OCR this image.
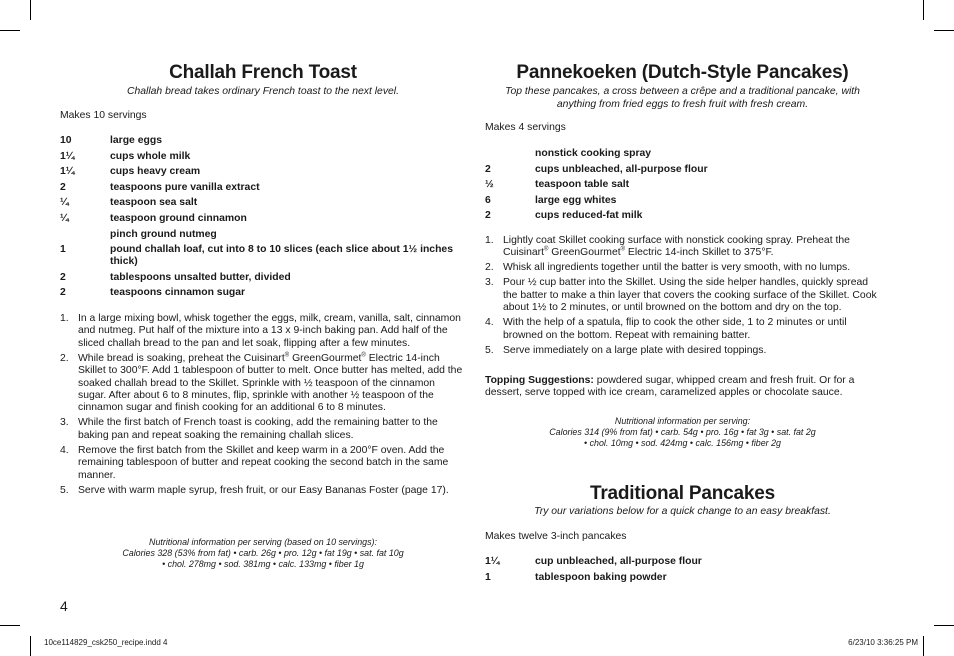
Challah French Toast

Challah bread takes ordinary French toast to the next level.

Makes 10 servings

10	large eggs
1¼	cups whole milk
1¼	cups heavy cream
2	teaspoons pure vanilla extract
¼	teaspoon sea salt
¼	teaspoon ground cinnamon
pinch ground nutmeg
1	pound challah loaf, cut into 8 to 10 slices (each slice about 1½ inches thick)
2	tablespoons unsalted butter, divided
2	teaspoons cinnamon sugar
1. In a large mixing bowl, whisk together the eggs, milk, cream, vanilla, salt, cinnamon and nutmeg. Put half of the mixture into a 13 x 9-inch baking pan. Add half of the sliced challah bread to the pan and let soak, flipping after a few minutes.
2. While bread is soaking, preheat the Cuisinart® GreenGourmet® Electric 14-inch Skillet to 300°F. Add 1 tablespoon of butter to melt. Once butter has melted, add the soaked challah bread to the Skillet. Sprinkle with ½ teaspoon of the cinnamon sugar. After about 6 to 8 minutes, flip, sprinkle with another ½ teaspoon of the cinnamon sugar and finish cooking for an additional 6 to 8 minutes.
3. While the first batch of French toast is cooking, add the remaining batter to the baking pan and repeat soaking the remaining challah slices.
4. Remove the first batch from the Skillet and keep warm in a 200°F oven. Add the remaining tablespoon of butter and repeat cooking the second batch in the same manner.
5. Serve with warm maple syrup, fresh fruit, or our Easy Bananas Foster (page 17).

Nutritional information per serving (based on 10 servings):

Calories 328 (53% from fat) • carb. 26g • pro. 12g • fat 19g • sat. fat 10g

• chol. 278mg • sod. 381mg • calc. 133mg • fiber 1g

Pannekoeken (Dutch-Style Pancakes)

Top these pancakes, a cross between a crêpe and a traditional pancake, with anything from fried eggs to fresh fruit with fresh cream.

Makes 4 servings

nonstick cooking spray
2	cups unbleached, all-purpose flour
½	teaspoon table salt
6	large egg whites
2	cups reduced-fat milk
1. Lightly coat Skillet cooking surface with nonstick cooking spray. Preheat the Cuisinart® GreenGourmet® Electric 14-inch Skillet to 375°F.
2. Whisk all ingredients together until the batter is very smooth, with no lumps.
3. Pour ½ cup batter into the Skillet. Using the side helper handles, quickly spread the batter to make a thin layer that covers the cooking surface of the Skillet. Cook about 1½ to 2 minutes, or until browned on the bottom and dry on the top.
4. With the help of a spatula, flip to cook the other side, 1 to 2 minutes or until browned on the bottom. Repeat with remaining batter.
5. Serve immediately on a large plate with desired toppings.

Topping Suggestions: powdered sugar, whipped cream and fresh fruit. Or for a dessert, serve topped with ice cream, caramelized apples or chocolate sauce.

Nutritional information per serving:

Calories 314 (9% from fat) • carb. 54g • pro. 16g • fat 3g • sat. fat 2g

• chol. 10mg • sod. 424mg • calc. 156mg • fiber 2g

Traditional Pancakes

Try our variations below for a quick change to an easy breakfast.

Makes twelve 3-inch pancakes

1¼	cup unbleached, all-purpose flour
1	tablespoon baking powder
4
10ce114829_csk250_recipe.indd 4	6/23/10 3:36:25 PM
